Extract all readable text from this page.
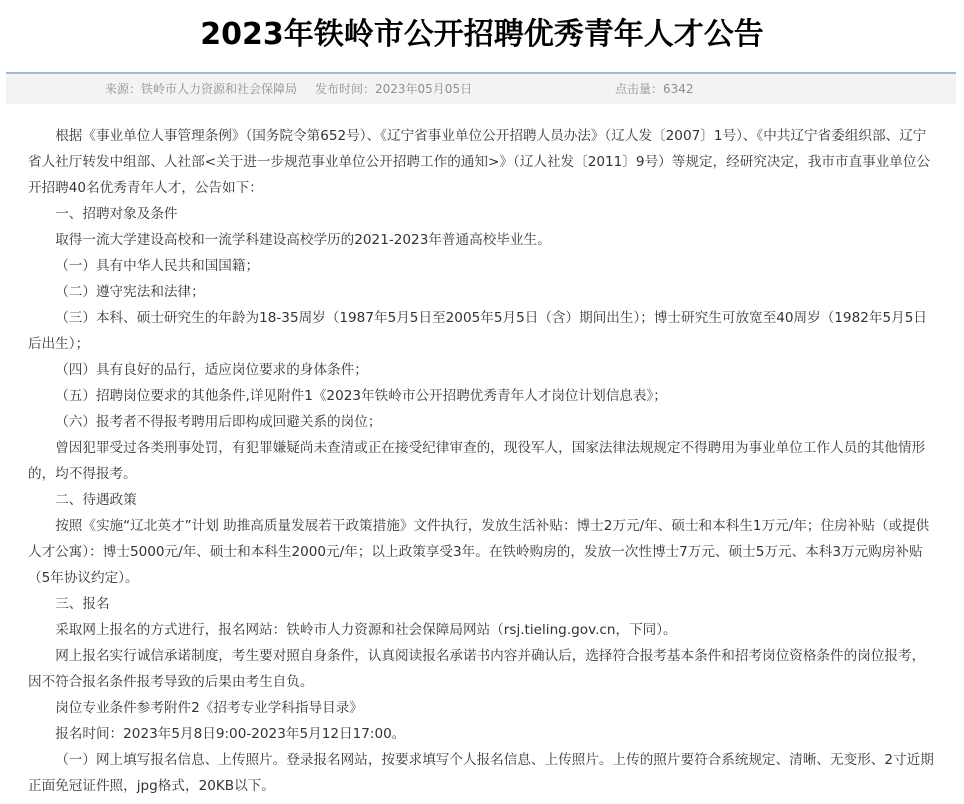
2023年铁岭市公开招聘优秀青年人才公告
来源：铁岭市人力资源和社会保障局 发布时间：2023年05月05日	点击量：6342

根据《事业单位人事管理条例》（国务院令第652号）、《辽宁省事业单位公开招聘人员办法》（辽人发〔2007〕1号）、《中共辽宁省委组织部、辽宁省人社厅转发中组部、人社部<关于进一步规范事业单位公开招聘工作的通知>》（辽人社发〔2011〕9号）等规定，经研究决定，我市市直事业单位公开招聘40名优秀青年人才，公告如下：

一、招聘对象及条件

取得一流大学建设高校和一流学科建设高校学历的2021-2023年普通高校毕业生。

（一）具有中华人民共和国国籍；

（二）遵守宪法和法律；

（三）本科、硕士研究生的年龄为18-35周岁（1987年5月5日至2005年5月5日（含）期间出生）；博士研究生可放宽至40周岁（1982年5月5日后出生）；

（四）具有良好的品行，适应岗位要求的身体条件；

（五）招聘岗位要求的其他条件,详见附件1《2023年铁岭市公开招聘优秀青年人才岗位计划信息表》；

（六）报考者不得报考聘用后即构成回避关系的岗位；

曾因犯罪受过各类刑事处罚，有犯罪嫌疑尚未查清或正在接受纪律审查的，现役军人，国家法律法规规定不得聘用为事业单位工作人员的其他情形的，均不得报考。

二、待遇政策

按照《实施“辽北英才”计划 助推高质量发展若干政策措施》文件执行，发放生活补贴：博士2万元/年、硕士和本科生1万元/年；住房补贴（或提供人才公寓）：博士5000元/年、硕士和本科生2000元/年；以上政策享受3年。在铁岭购房的，发放一次性博士7万元、硕士5万元、本科3万元购房补贴（5年协议约定）。

三、报名

采取网上报名的方式进行，报名网站：铁岭市人力资源和社会保障局网站（rsj.tieling.gov.cn，下同）。

网上报名实行诚信承诺制度，考生要对照自身条件，认真阅读报名承诺书内容并确认后，选择符合报考基本条件和招考岗位资格条件的岗位报考，因不符合报名条件报考导致的后果由考生自负。

岗位专业条件参考附件2《招考专业学科指导目录》

报名时间：2023年5月8日9:00-2023年5月12日17:00。

（一）网上填写报名信息、上传照片。登录报名网站，按要求填写个人报名信息、上传照片。上传的照片要符合系统规定、清晰、无变形、2寸近期正面免冠证件照，jpg格式，20KB以下。
